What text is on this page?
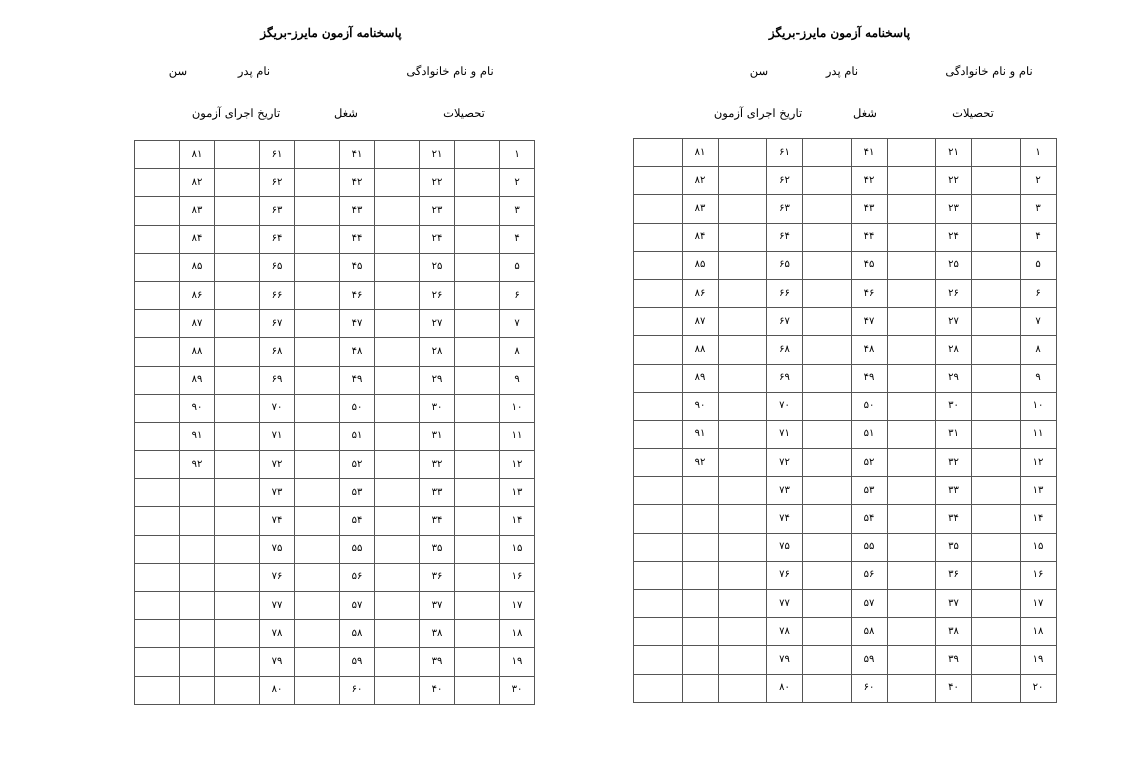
پاسخنامه آزمون مایرز-بریگز
نام و نام خانوادگی
نام پدر
سن
تحصیلات
شغل
تاریخ اجرای آزمون
۱		۲۱		۴۱		۶۱		۸۱	
۲		۲۲		۴۲		۶۲		۸۲	
۳		۲۳		۴۳		۶۳		۸۳	
۴		۲۴		۴۴		۶۴		۸۴	
۵		۲۵		۴۵		۶۵		۸۵	
۶		۲۶		۴۶		۶۶		۸۶	
۷		۲۷		۴۷		۶۷		۸۷	
۸		۲۸		۴۸		۶۸		۸۸	
۹		۲۹		۴۹		۶۹		۸۹	
۱۰		۳۰		۵۰		۷۰		۹۰	
۱۱		۳۱		۵۱		۷۱		۹۱	
۱۲		۳۲		۵۲		۷۲		۹۲	
۱۳		۳۳		۵۳		۷۳			
۱۴		۳۴		۵۴		۷۴			
۱۵		۳۵		۵۵		۷۵			
۱۶		۳۶		۵۶		۷۶			
۱۷		۳۷		۵۷		۷۷			
۱۸		۳۸		۵۸		۷۸			
۱۹		۳۹		۵۹		۷۹			
۳۰		۴۰		۶۰		۸۰			
پاسخنامه آزمون مایرز-بریگز
نام و نام خانوادگی
نام پدر
سن
تحصیلات
شغل
تاریخ اجرای آزمون
۱		۲۱		۴۱		۶۱		۸۱	
۲		۲۲		۴۲		۶۲		۸۲	
۳		۲۳		۴۳		۶۳		۸۳	
۴		۲۴		۴۴		۶۴		۸۴	
۵		۲۵		۴۵		۶۵		۸۵	
۶		۲۶		۴۶		۶۶		۸۶	
۷		۲۷		۴۷		۶۷		۸۷	
۸		۲۸		۴۸		۶۸		۸۸	
۹		۲۹		۴۹		۶۹		۸۹	
۱۰		۳۰		۵۰		۷۰		۹۰	
۱۱		۳۱		۵۱		۷۱		۹۱	
۱۲		۳۲		۵۲		۷۲		۹۲	
۱۳		۳۳		۵۳		۷۳			
۱۴		۳۴		۵۴		۷۴			
۱۵		۳۵		۵۵		۷۵			
۱۶		۳۶		۵۶		۷۶			
۱۷		۳۷		۵۷		۷۷			
۱۸		۳۸		۵۸		۷۸			
۱۹		۳۹		۵۹		۷۹			
۲۰		۴۰		۶۰		۸۰			
